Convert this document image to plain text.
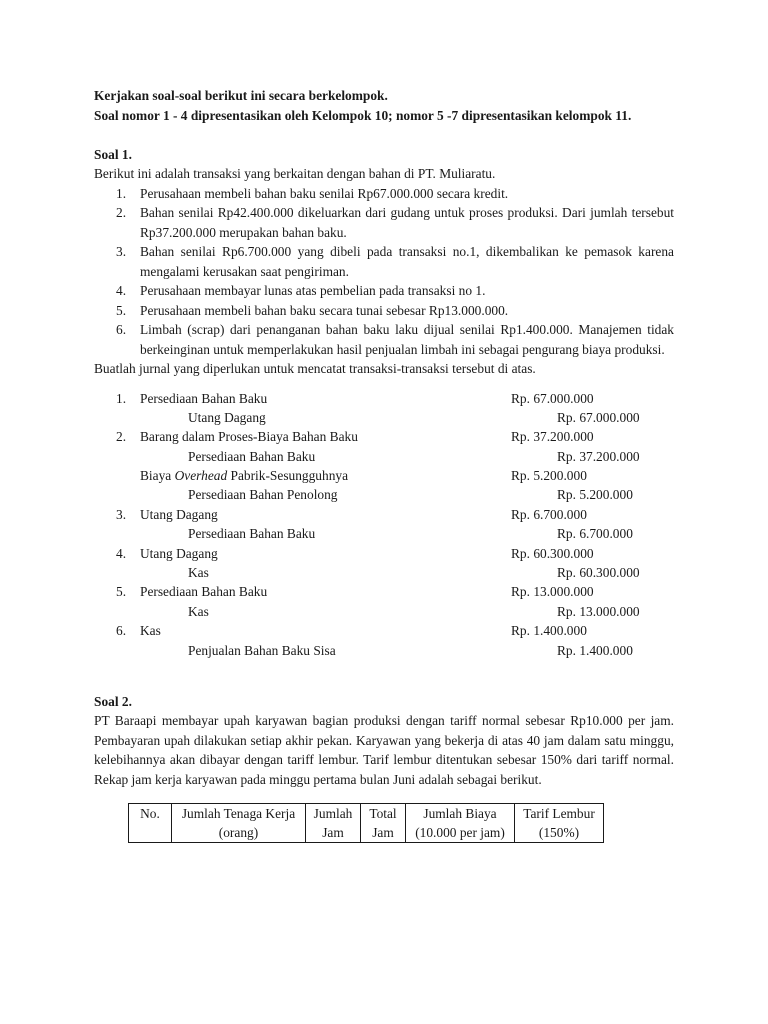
Kerjakan soal-soal berikut ini secara berkelompok.
Soal nomor 1 - 4 dipresentasikan oleh Kelompok 10; nomor 5 -7 dipresentasikan kelompok 11.
Soal 1.
Berikut ini adalah transaksi yang berkaitan dengan bahan di PT. Muliaratu.
1. Perusahaan membeli bahan baku senilai Rp67.000.000 secara kredit.
2. Bahan senilai Rp42.400.000 dikeluarkan dari gudang untuk proses produksi. Dari jumlah tersebut Rp37.200.000 merupakan bahan baku.
3. Bahan senilai Rp6.700.000 yang dibeli pada transaksi no.1, dikembalikan ke pemasok karena mengalami kerusakan saat pengiriman.
4. Perusahaan membayar lunas atas pembelian pada transaksi no 1.
5. Perusahaan membeli bahan baku secara tunai sebesar Rp13.000.000.
6. Limbah (scrap) dari penanganan bahan baku laku dijual senilai Rp1.400.000. Manajemen tidak berkeinginan untuk memperlakukan hasil penjualan limbah ini sebagai pengurang biaya produksi.
Buatlah jurnal yang diperlukan untuk mencatat transaksi-transaksi tersebut di atas.
1. Persediaan Bahan Baku	Rp. 67.000.000
Utang Dagang	Rp. 67.000.000
2. Barang dalam Proses-Biaya Bahan Baku	Rp. 37.200.000
Persediaan Bahan Baku	Rp. 37.200.000
Biaya Overhead Pabrik-Sesungguhnya	Rp. 5.200.000
Persediaan Bahan Penolong	Rp. 5.200.000
3. Utang Dagang	Rp. 6.700.000
Persediaan Bahan Baku	Rp. 6.700.000
4. Utang Dagang	Rp. 60.300.000
Kas	Rp. 60.300.000
5. Persediaan Bahan Baku	Rp. 13.000.000
Kas	Rp. 13.000.000
6. Kas	Rp. 1.400.000
Penjualan Bahan Baku Sisa	Rp. 1.400.000
Soal 2.
PT Baraapi membayar upah karyawan bagian produksi dengan tariff normal sebesar Rp10.000 per jam. Pembayaran upah dilakukan setiap akhir pekan. Karyawan yang bekerja di atas 40 jam dalam satu minggu, kelebihannya akan dibayar dengan tariff lembur. Tarif lembur ditentukan sebesar 150% dari tariff normal. Rekap jam kerja karyawan pada minggu pertama bulan Juni adalah sebagai berikut.
No.	Jumlah Tenaga Kerja (orang)	Jumlah Jam	Total Jam	Jumlah Biaya (10.000 per jam)	Tarif Lembur (150%)
